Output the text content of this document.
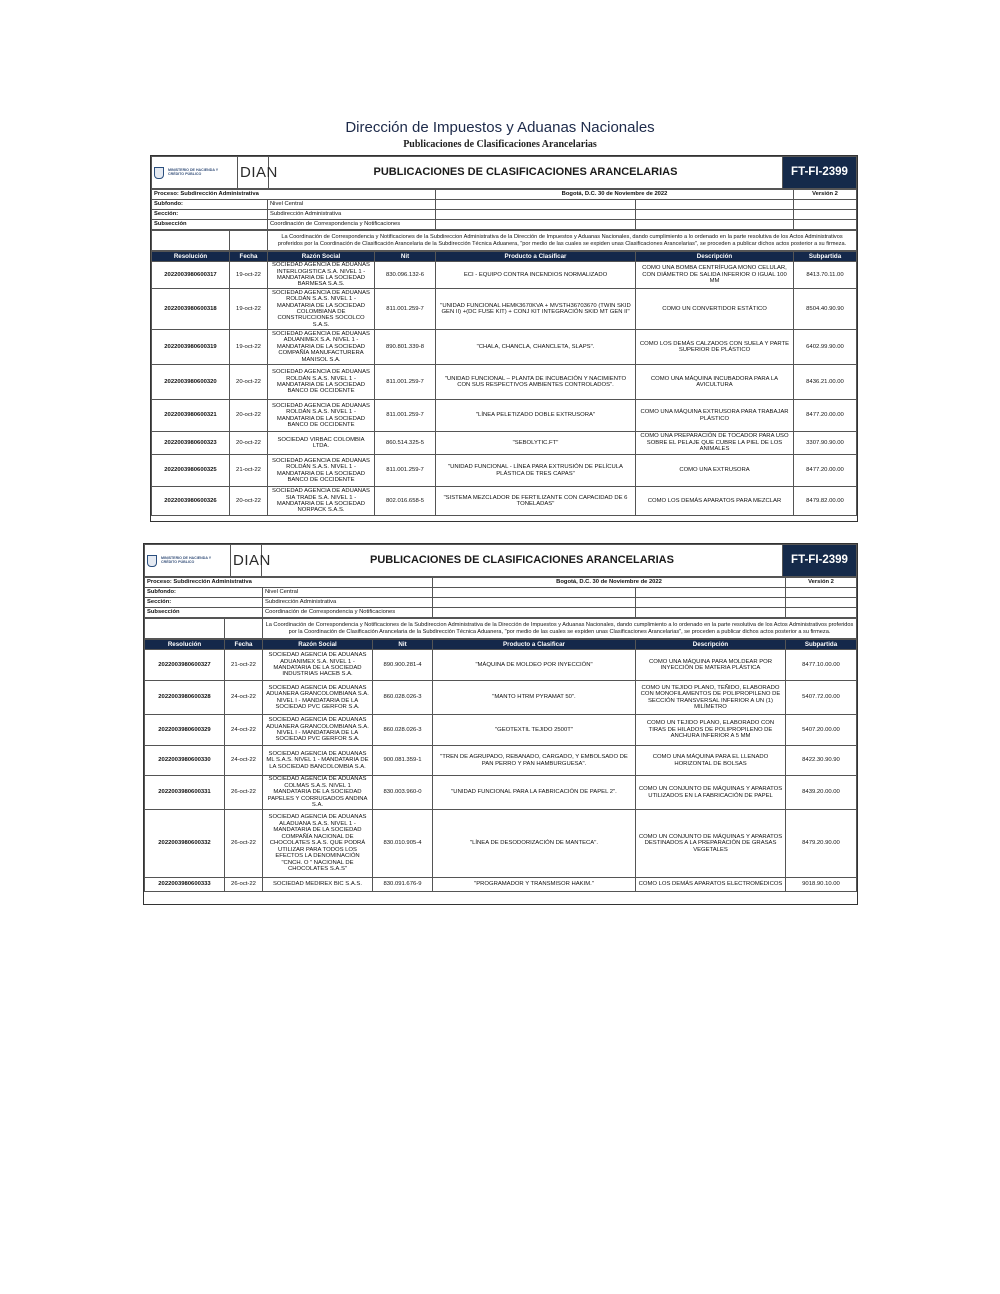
Dirección de Impuestos y Aduanas Nacionales
Publicaciones de Clasificaciones Arancelarias
MINISTERIO DE HACIENDA Y CRÉDITO PÚBLICO	DIAN	PUBLICACIONES DE CLASIFICACIONES ARANCELARIAS	FT-FI-2399
Proceso: Subdirección Administrativa		Bogotá, D.C. 30 de Noviembre de 2022		Versión 2
Subfondo:	Nivel Central			
Sección:	Subdirección Administrativa			
Subsección	Coordinación de Correspondencia y Notificaciones			
		La Coordinación de Correspondencia y Notificaciones de la Subdireccion Administrativa de la Dirección de Impuestos y Aduanas Nacionales, dando cumplimiento a lo ordenado en la parte resolutiva de los Actos Administrativos proferidos por la Coordinación de Clasificación Arancelaria de la Subdirección Técnica Aduanera, "por medio de las cuales se expiden unas Clasificaciones Arancelarias", se proceden a publicar dichos actos posterior a su firmeza.
Resolución	Fecha	Razón Social	Nit	Producto a Clasificar	Descripción	Subpartida
2022003980600317	19-oct-22	SOCIEDAD AGENCIA DE ADUANAS INTERLOGISTICA S.A. NIVEL 1 - MANDATARIA DE LA SOCIEDAD BARMESA S.A.S.	830.096.132-6	ECI - EQUIPO CONTRA INCENDIOS NORMALIZADO	COMO UNA BOMBA CENTRÍFUGA MONO CELULAR, CON DIÁMETRO DE SALIDA INFERIOR O IGUAL 100 MM	8413.70.11.00
2022003980600318	19-oct-22	SOCIEDAD AGENCIA DE ADUANAS ROLDÁN S.A.S. NIVEL 1 - MANDATARIA DE LA SOCIEDAD COLOMBIANA DE CONSTRUCCIONES SOCOLCO S.A.S.	811.001.259-7	"UNIDAD FUNCIONAL HEMK3670KVA + MVSTH36703670 (TWIN SKID GEN II) +(DC FUSE KIT) + CONJ KIT INTEGRACIÓN SKID MT GEN II"	COMO UN CONVERTIDOR ESTÁTICO	8504.40.90.90
2022003980600319	19-oct-22	SOCIEDAD AGENCIA DE ADUANAS ADUANIMEX S.A. NIVEL 1 - MANDATARIA DE LA SOCIEDAD COMPAÑÍA MANUFACTURERA MANISOL S.A.	890.801.339-8	"CHALA, CHANCLA, CHANCLETA, SLAPS".	COMO LOS DEMÁS CALZADOS CON SUELA Y PARTE SUPERIOR DE PLÁSTICO	6402.99.90.00
2022003980600320	20-oct-22	SOCIEDAD AGENCIA DE ADUANAS ROLDÁN S.A.S. NIVEL 1 - MANDATARIA DE LA SOCIEDAD BANCO DE OCCIDENTE	811.001.259-7	"UNIDAD FUNCIONAL – PLANTA DE INCUBACIÓN Y NACIMIENTO CON SUS RESPECTIVOS AMBIENTES CONTROLADOS".	COMO UNA MÁQUINA INCUBADORA PARA LA AVICULTURA	8436.21.00.00
2022003980600321	20-oct-22	SOCIEDAD AGENCIA DE ADUANAS ROLDÁN S.A.S. NIVEL 1 - MANDATARIA DE LA SOCIEDAD BANCO DE OCCIDENTE	811.001.259-7	"LÍNEA PELETIZADO DOBLE EXTRUSORA"	COMO UNA MÁQUINA EXTRUSORA PARA TRABAJAR PLÁSTICO	8477.20.00.00
2022003980600323	20-oct-22	SOCIEDAD VIRBAC COLOMBIA LTDA.	860.514.325-5	"SEBOLYTIC.FT"	COMO UNA PREPARACIÓN DE TOCADOR PARA USO SOBRE EL PELAJE QUE CUBRE LA PIEL DE LOS ANIMALES	3307.90.90.00
2022003980600325	21-oct-22	SOCIEDAD AGENCIA DE ADUANAS ROLDÁN S.A.S. NIVEL 1 - MANDATARIA DE LA SOCIEDAD BANCO DE OCCIDENTE	811.001.259-7	"UNIDAD FUNCIONAL - LÍNEA PARA EXTRUSIÓN DE PELÍCULA PLÁSTICA DE TRES CAPAS"	COMO UNA EXTRUSORA	8477.20.00.00
2022003980600326	20-oct-22	SOCIEDAD AGENCIA DE ADUANAS SIA TRADE S.A. NIVEL 1 - MANDATARIA DE LA SOCIEDAD NORPACK S.A.S.	802.016.658-5	"SISTEMA MEZCLADOR DE FERTILIZANTE CON CAPACIDAD DE 6 TONELADAS"	COMO LOS DEMÁS APARATOS PARA MEZCLAR	8479.82.00.00
MINISTERIO DE HACIENDA Y CRÉDITO PÚBLICO	DIAN	PUBLICACIONES DE CLASIFICACIONES ARANCELARIAS	FT-FI-2399
Proceso: Subdirección Administrativa		Bogotá, D.C. 30 de Noviembre de 2022		Versión 2
Subfondo:	Nivel Central			
Sección:	Subdirección Administrativa			
Subsección	Coordinación de Correspondencia y Notificaciones			
		La Coordinación de Correspondencia y Notificaciones de la Subdireccion Administrativa de la Dirección de Impuestos y Aduanas Nacionales, dando cumplimiento a lo ordenado en la parte resolutiva de los Actos Administrativos proferidos por la Coordinación de Clasificación Arancelaria de la Subdirección Técnica Aduanera, "por medio de las cuales se expiden unas Clasificaciones Arancelarias", se proceden a publicar dichos actos posterior a su firmeza.
Resolución	Fecha	Razón Social	Nit	Producto a Clasificar	Descripción	Subpartida
2022003980600327	21-oct-22	SOCIEDAD AGENCIA DE ADUANAS ADUANIMEX S.A. NIVEL 1 - MANDATARIA DE LA SOCIEDAD INDUSTRIAS HACEB S.A.	890.900.281-4	"MÁQUINA DE MOLDEO POR INYECCIÓN"	COMO UNA MÁQUINA PARA MOLDEAR POR INYECCIÓN DE MATERIA PLÁSTICA	8477.10.00.00
2022003980600328	24-oct-22	SOCIEDAD AGENCIA DE ADUANAS ADUANERA GRANCOLOMBIANA S.A. NIVEL I - MANDATARIA DE LA SOCIEDAD PVC GERFOR S.A.	860.028.026-3	"MANTO HTRM PYRAMAT 50".	COMO UN TEJIDO PLANO, TEÑIDO, ELABORADO CON MONOFILAMENTOS DE POLIPROPILENO DE SECCIÓN TRANSVERSAL INFERIOR A UN (1) MILÍMETRO	5407.72.00.00
2022003980600329	24-oct-22	SOCIEDAD AGENCIA DE ADUANAS ADUANERA GRANCOLOMBIANA S.A. NIVEL I - MANDATARIA DE LA SOCIEDAD PVC GERFOR S.A.	860.028.026-3	"GEOTEXTIL TEJIDO 2500T"	COMO UN TEJIDO PLANO, ELABORADO CON TIRAS DE HILADOS DE POLIPROPILENO DE ANCHURA INFERIOR A 5 MM	5407.20.00.00
2022003980600330	24-oct-22	SOCIEDAD AGENCIA DE ADUANAS ML S.A.S. NIVEL 1 - MANDATARIA DE LA SOCIEDAD BANCOLOMBIA S.A.	900.081.359-1	"TREN DE AGRUPADO, REBANADO, CARGADO, Y EMBOLSADO DE PAN PERRO Y PAN HAMBURGUESA".	COMO UNA MÁQUINA PARA EL LLENADO HORIZONTAL DE BOLSAS	8422.30.90.90
2022003980600331	26-oct-22	SOCIEDAD AGENCIA DE ADUANAS COLMAS S.A.S. NIVEL 1 MANDATARIA DE LA SOCIEDAD PAPELES Y CORRUGADOS ANDINA S.A.	830.003.960-0	"UNIDAD FUNCIONAL PARA LA FABRICACIÓN DE PAPEL 2".	COMO UN CONJUNTO DE MÁQUINAS Y APARATOS UTILIZADOS EN LA FABRICACIÓN DE PAPEL	8439.20.00.00
2022003980600332	26-oct-22	SOCIEDAD AGENCIA DE ADUANAS ALADUANA S.A.S. NIVEL 1 - MANDATARIA DE LA SOCIEDAD COMPAÑÍA NACIONAL DE CHOCOLATES S.A.S. QUE PODRÁ UTILIZAR PARA TODOS LOS EFECTOS LA DENOMINACIÓN "CNCH. O " NACIONAL DE CHOCOLATES S.A.S"	830.010.905-4	"LÍNEA DE DESODORIZACIÓN DE MANTECA".	COMO UN CONJUNTO DE MÁQUINAS Y APARATOS DESTINADOS A LA PREPARACIÓN DE GRASAS VEGETALES	8479.20.90.00
2022003980600333	26-oct-22	SOCIEDAD MEDIREX BIC S.A.S.	830.091.676-9	"PROGRAMADOR Y TRANSMISOR HAKIM."	COMO LOS DEMÁS APARATOS ELECTROMÉDICOS	9018.90.10.00
